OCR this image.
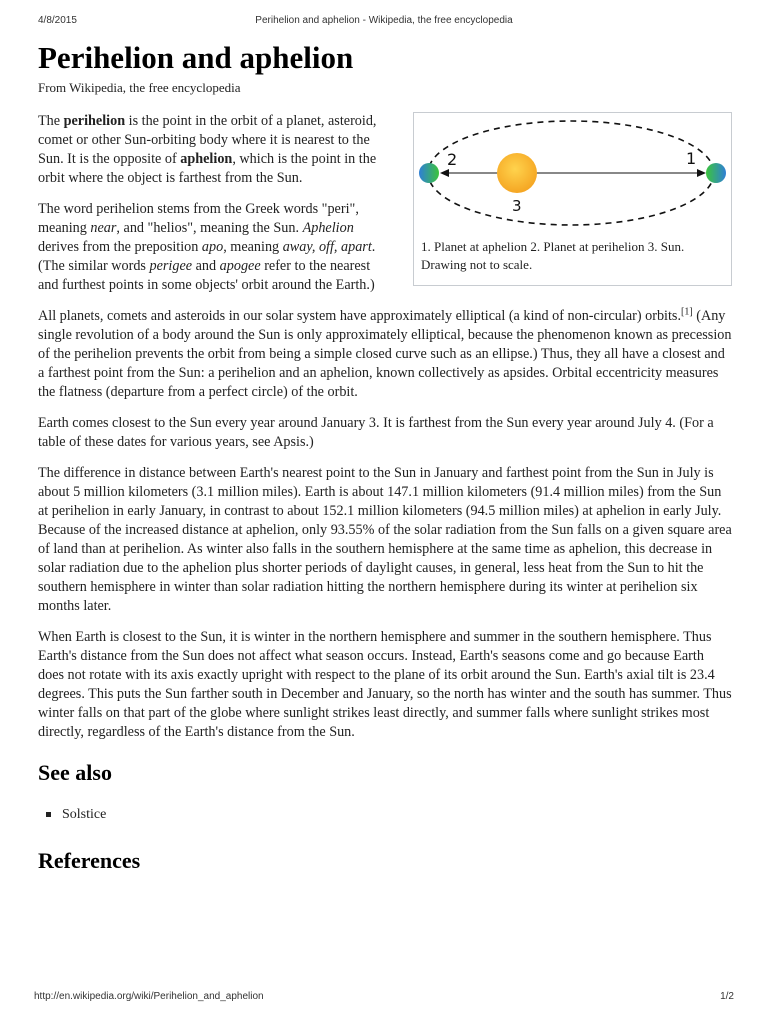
4/8/2015	Perihelion and aphelion - Wikipedia, the free encyclopedia
Perihelion and aphelion
From Wikipedia, the free encyclopedia

The perihelion is the point in the orbit of a planet, asteroid, comet or other Sun-orbiting body where it is nearest to the Sun. It is the opposite of aphelion, which is the point in the orbit where the object is farthest from the Sun.

The word perihelion stems from the Greek words "peri", meaning near, and "helios", meaning the Sun. Aphelion derives from the preposition apo, meaning away, off, apart. (The similar words perigee and apogee refer to the nearest and furthest points in some objects' orbit around the Earth.)

2	1
3
1. Planet at aphelion 2. Planet at perihelion 3. Sun. Drawing not to scale.

All planets, comets and asteroids in our solar system have approximately elliptical (a kind of non-circular) orbits.[1] (Any single revolution of a body around the Sun is only approximately elliptical, because the phenomenon known as precession of the perihelion prevents the orbit from being a simple closed curve such as an ellipse.) Thus, they all have a closest and a farthest point from the Sun: a perihelion and an aphelion, known collectively as apsides. Orbital eccentricity measures the flatness (departure from a perfect circle) of the orbit.

Earth comes closest to the Sun every year around January 3. It is farthest from the Sun every year around July 4. (For a table of these dates for various years, see Apsis.)

The difference in distance between Earth's nearest point to the Sun in January and farthest point from the Sun in July is about 5 million kilometers (3.1 million miles). Earth is about 147.1 million kilometers (91.4 million miles) from the Sun at perihelion in early January, in contrast to about 152.1 million kilometers (94.5 million miles) at aphelion in early July. Because of the increased distance at aphelion, only 93.55% of the solar radiation from the Sun falls on a given square area of land than at perihelion. As winter also falls in the southern hemisphere at the same time as aphelion, this decrease in solar radiation due to the aphelion plus shorter periods of daylight causes, in general, less heat from the Sun to hit the southern hemisphere in winter than solar radiation hitting the northern hemisphere during its winter at perihelion six months later.

When Earth is closest to the Sun, it is winter in the northern hemisphere and summer in the southern hemisphere. Thus Earth's distance from the Sun does not affect what season occurs. Instead, Earth's seasons come and go because Earth does not rotate with its axis exactly upright with respect to the plane of its orbit around the Sun. Earth's axial tilt is 23.4 degrees. This puts the Sun farther south in December and January, so the north has winter and the south has summer. Thus winter falls on that part of the globe where sunlight strikes least directly, and summer falls where sunlight strikes most directly, regardless of the Earth's distance from the Sun.

See also
Solstice
References
http://en.wikipedia.org/wiki/Perihelion_and_aphelion	1/2
